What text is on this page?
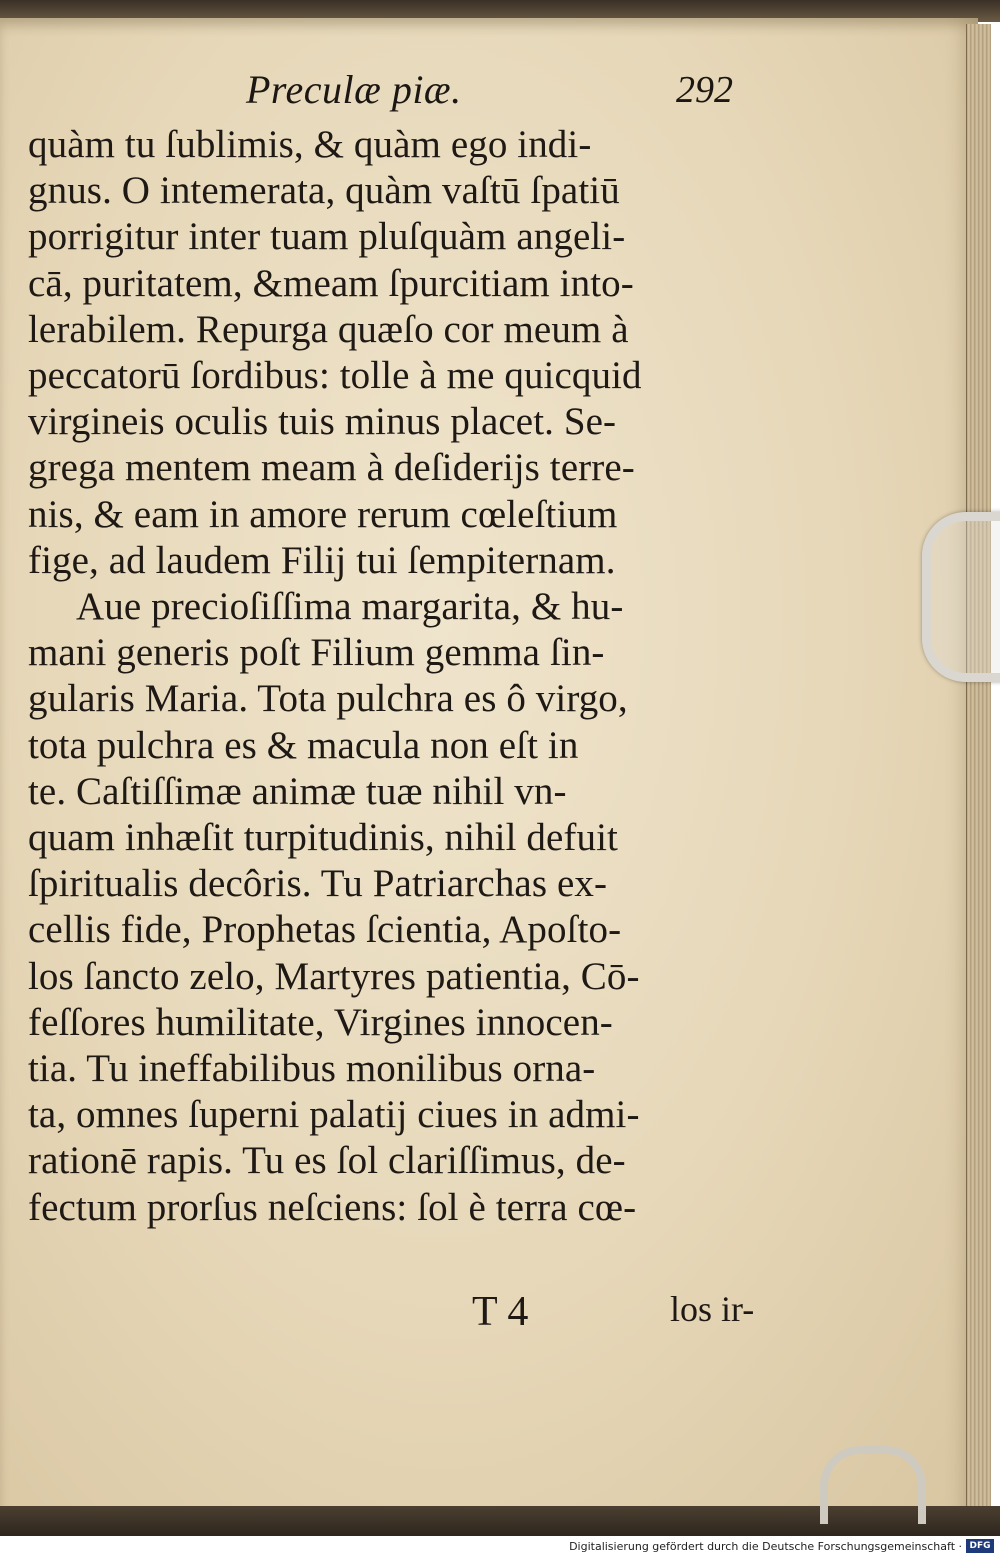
Preculæ piæ.	292
quàm tu ſublimis, & quàm ego indi-
gnus. O intemerata, quàm vaſtū ſpatiū
porrigitur inter tuam pluſquàm angeli-
cā, puritatem, &meam ſpurcitiam into-
lerabilem. Repurga quæſo cor meum à
peccatorū ſordibus: tolle à me quicquid
virgineis oculis tuis minus placet. Se-
grega mentem meam à deſiderijs terre-
nis, & eam in amore rerum cœleſtium
fige, ad laudem Filij tui ſempiternam.
Aue precioſiſſima margarita, & hu-
mani generis poſt Filium gemma ſin-
gularis Maria. Tota pulchra es ô virgo,
tota pulchra es & macula non eſt in
te. Caſtiſſimæ animæ tuæ nihil vn-
quam inhæſit turpitudinis, nihil defuit
ſpiritualis decôris. Tu Patriarchas ex-
cellis fide, Prophetas ſcientia, Apoſto-
los ſancto zelo, Martyres patientia, Cō-
feſſores humilitate, Virgines innocen-
tia. Tu ineffabilibus monilibus orna-
ta, omnes ſuperni palatij ciues in admi-
rationē rapis. Tu es ſol clariſſimus, de-
fectum prorſus neſciens: ſol è terra cœ-
T 4	los ir-
Digitalisierung gefördert durch die Deutsche Forschungsgemeinschaft · DFG
